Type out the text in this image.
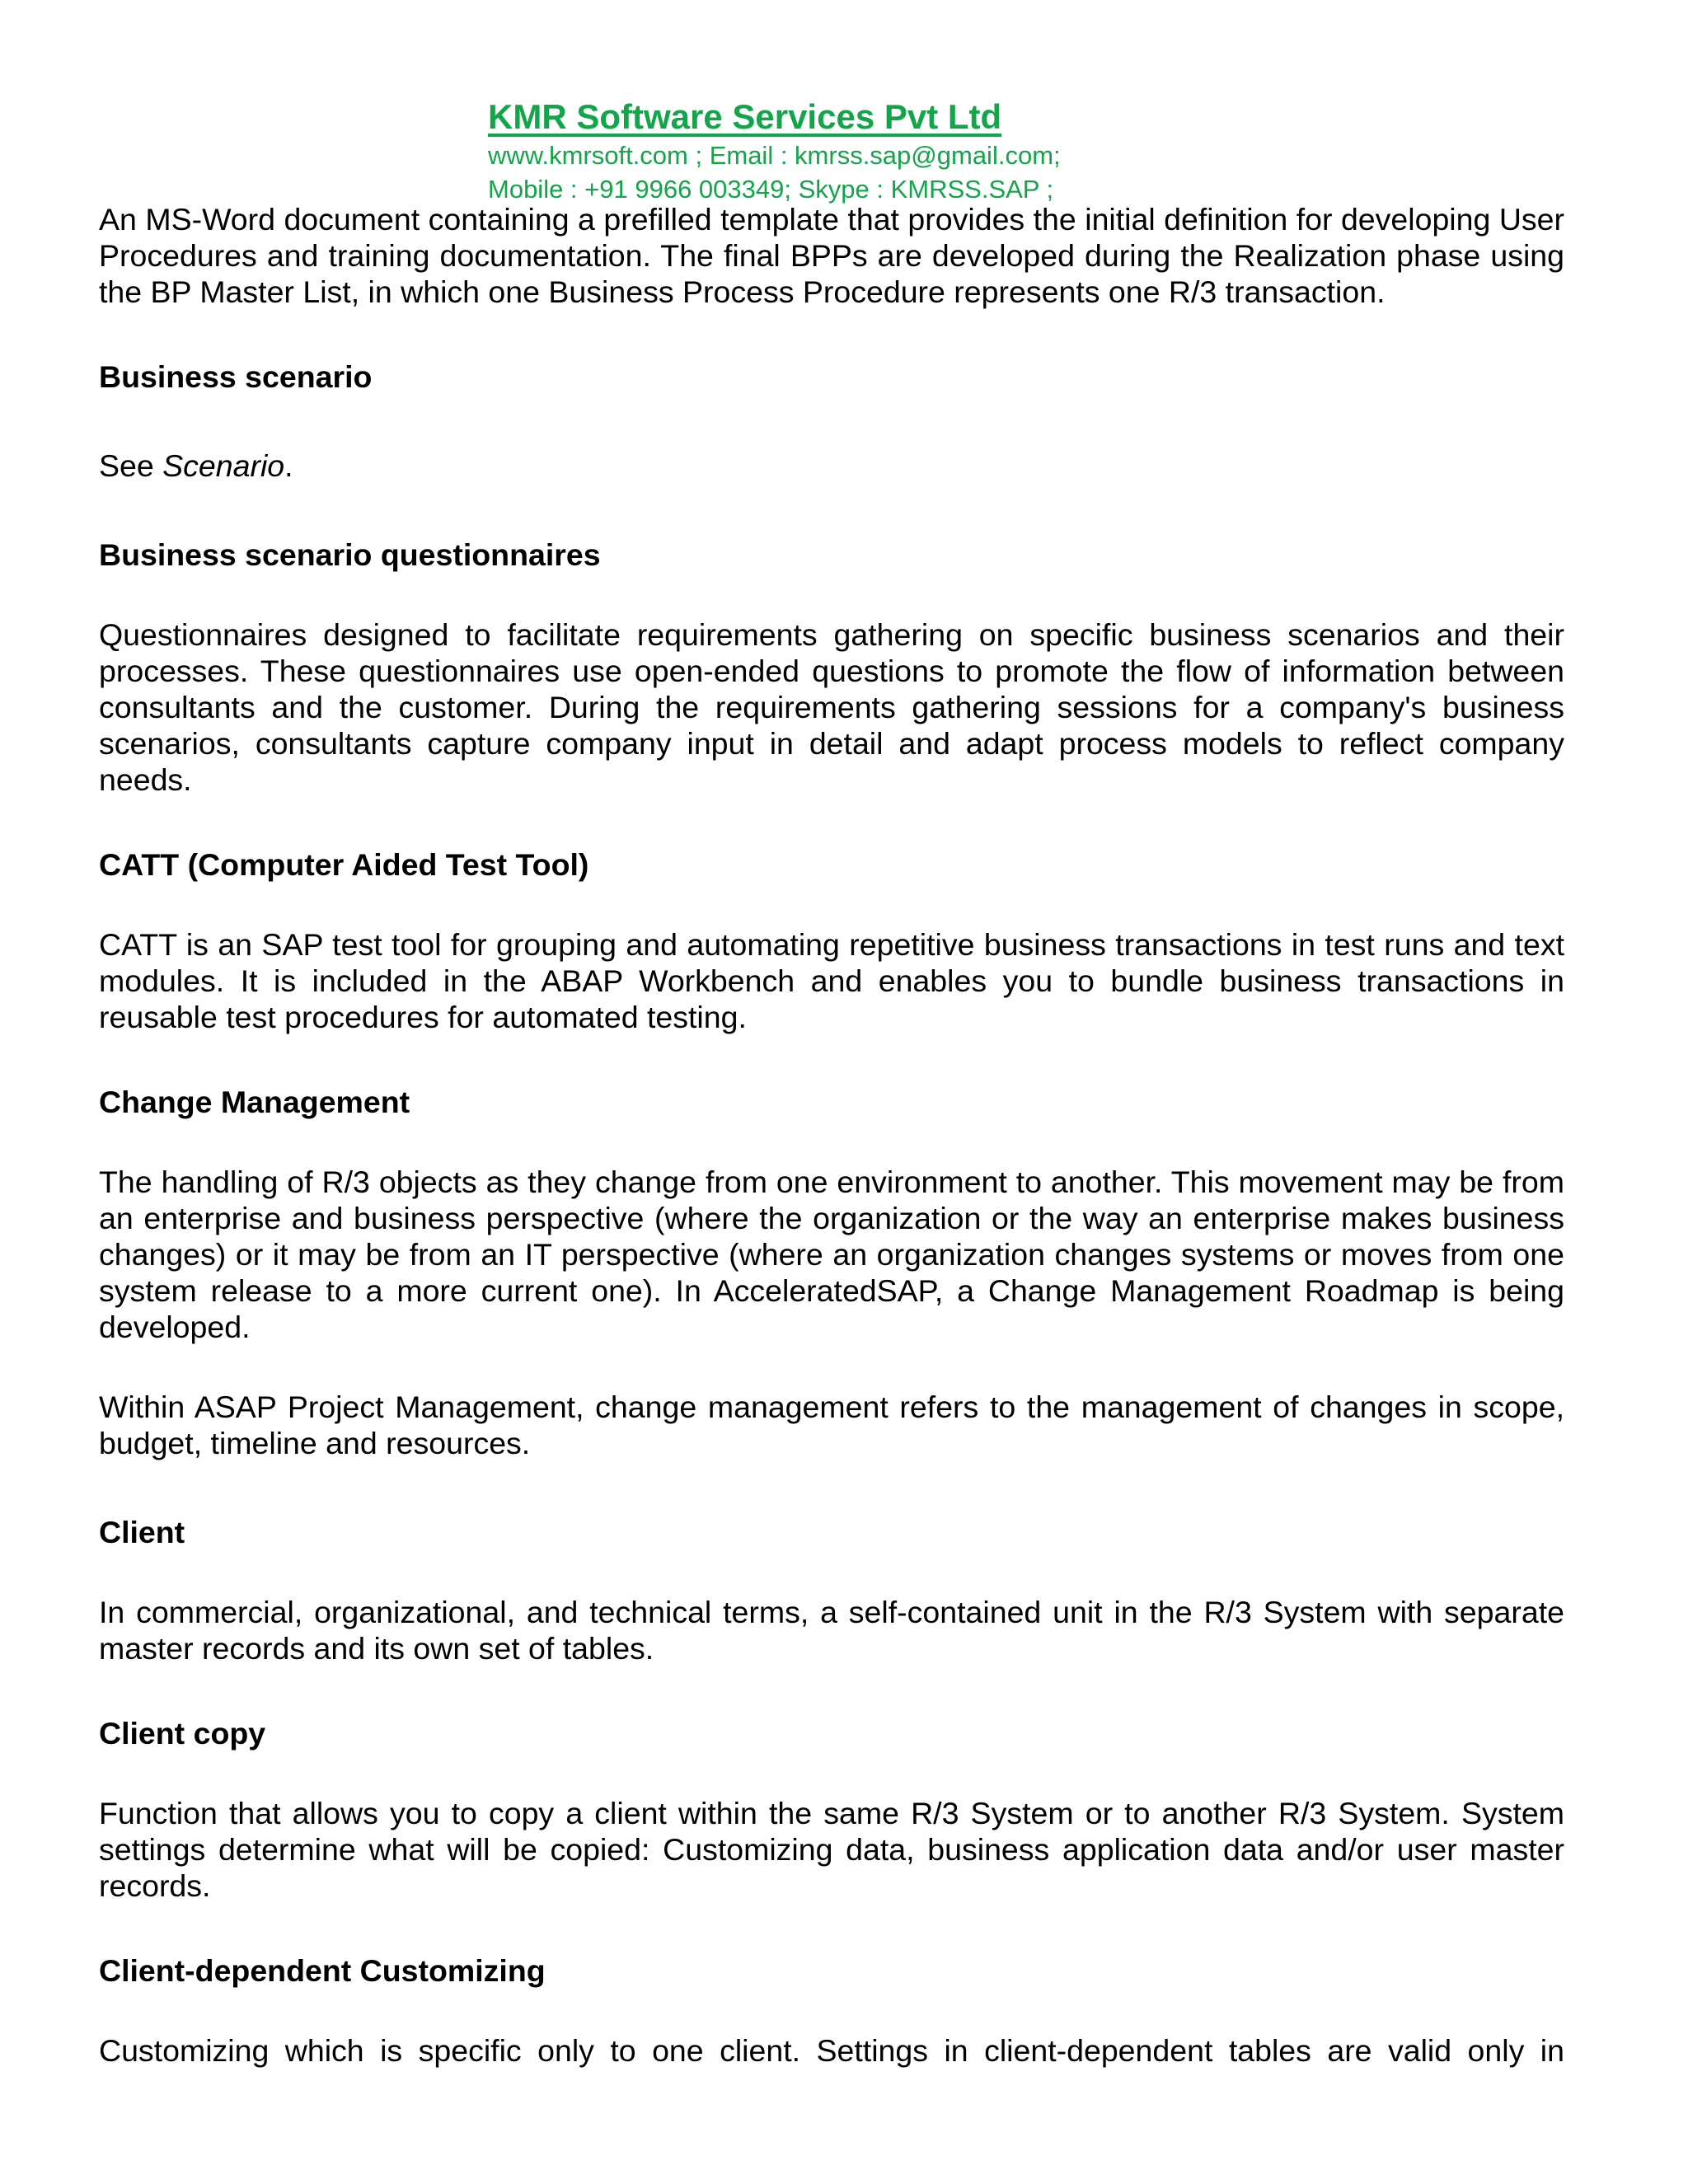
KMR Software Services Pvt Ltd
www.kmrsoft.com ; Email : kmrss.sap@gmail.com;
Mobile : +91 9966 003349; Skype : KMRSS.SAP ;

An MS-Word document containing a prefilled template that provides the initial definition for developing User Procedures and training documentation. The final BPPs are developed during the Realization phase using the BP Master List, in which one Business Process Procedure represents one R/3 transaction.

Business scenario

See Scenario.

Business scenario questionnaires

Questionnaires designed to facilitate requirements gathering on specific business scenarios and their processes. These questionnaires use open-ended questions to promote the flow of information between consultants and the customer. During the requirements gathering sessions for a company's business scenarios, consultants capture company input in detail and adapt process models to reflect company needs.

CATT (Computer Aided Test Tool)

CATT is an SAP test tool for grouping and automating repetitive business transactions in test runs and text modules. It is included in the ABAP Workbench and enables you to bundle business transactions in reusable test procedures for automated testing.

Change Management

The handling of R/3 objects as they change from one environment to another. This movement may be from an enterprise and business perspective (where the organization or the way an enterprise makes business changes) or it may be from an IT perspective (where an organization changes systems or moves from one system release to a more current one). In AcceleratedSAP, a Change Management Roadmap is being developed.

Within ASAP Project Management, change management refers to the management of changes in scope, budget, timeline and resources.

Client

In commercial, organizational, and technical terms, a self-contained unit in the R/3 System with separate master records and its own set of tables.

Client copy

Function that allows you to copy a client within the same R/3 System or to another R/3 System. System settings determine what will be copied: Customizing data, business application data and/or user master records.

Client-dependent Customizing

Customizing which is specific only to one client. Settings in client-dependent tables are valid only in
